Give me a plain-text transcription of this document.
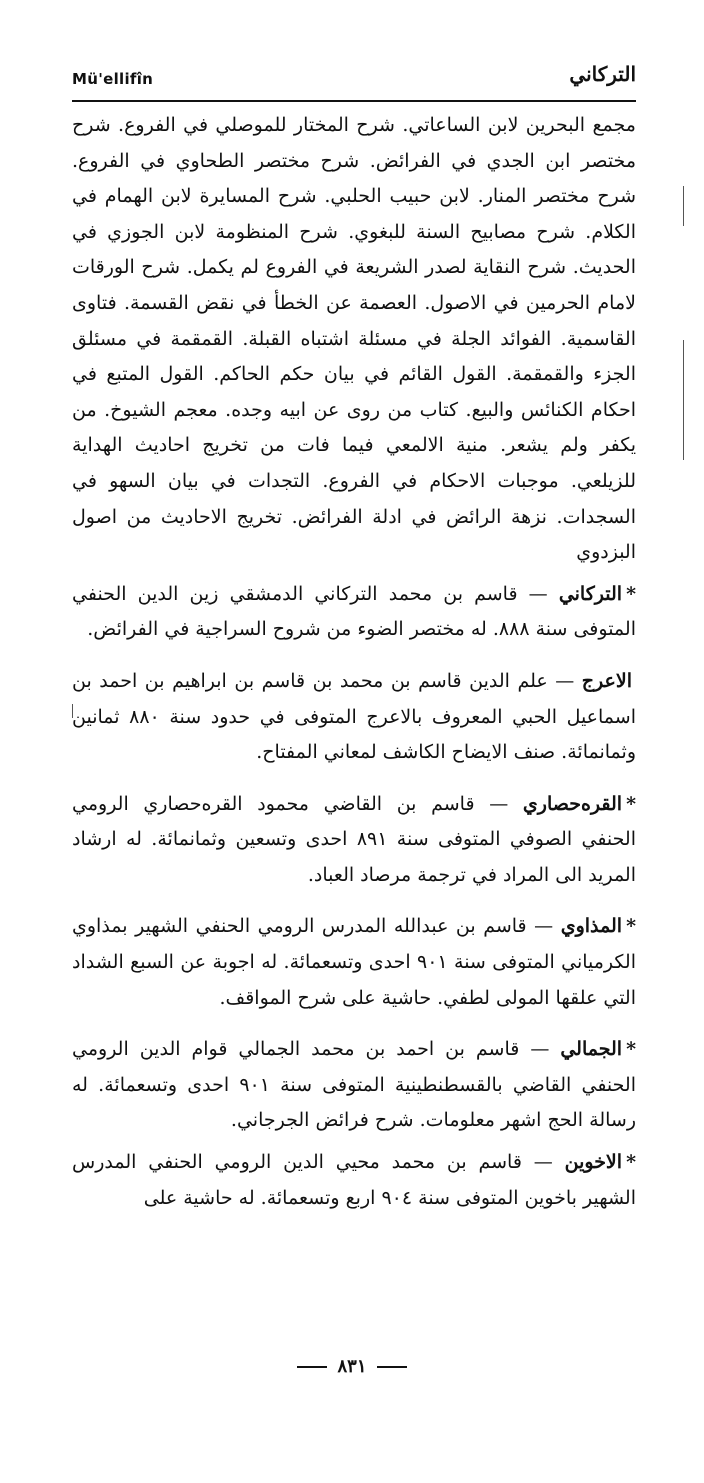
Mü'ellifîn	التركاني

مجمع البحرين لابن الساعاتي. شرح المختار للموصلي في الفروع. شرح مختصر ابن الجدي في الفرائض. شرح مختصر الطحاوي في الفروع. شرح مختصر المنار. لابن حبيب الحلبي. شرح المسايرة لابن الهمام في الكلام. شرح مصابيح السنة للبغوي. شرح المنظومة لابن الجوزي في الحديث. شرح النقاية لصدر الشريعة في الفروع لم يكمل. شرح الورقات لامام الحرمين في الاصول. العصمة عن الخطأ في نقض القسمة. فتاوى القاسمية. الفوائد الجلة في مسئلة اشتباه القبلة. القمقمة في مسئلق الجزء والقمقمة. القول القائم في بيان حكم الحاكم. القول المتبع في احكام الكنائس والبيع. كتاب من روى عن ابيه وجده. معجم الشيوخ. من يكفر ولم يشعر. منية الالمعي فيما فات من تخريج احاديث الهداية للزيلعي. موجبات الاحكام في الفروع. التجدات في بيان السهو في السجدات. نزهة الرائض في ادلة الفرائض. تخريج الاحاديث من اصول البزدوي

*التركاني — قاسم بن محمد التركاني الدمشقي زين الدين الحنفي المتوفى سنة ٨٨٨. له مختصر الضوء من شروح السراجية في الفرائض.

الاعرج — علم الدين قاسم بن محمد بن قاسم بن ابراهيم بن احمد بن اسماعيل الحبي المعروف بالاعرج المتوفى في حدود سنة ٨٨٠ ثمانين وثمانمائة. صنف الايضاح الكاشف لمعاني المفتاح.

*القرەحصاري — قاسم بن القاضي محمود القرەحصاري الرومي الحنفي الصوفي المتوفى سنة ٨٩١ احدى وتسعين وثمانمائة. له ارشاد المريد الى المراد في ترجمة مرصاد العباد.

*المذاوي — قاسم بن عبدالله المدرس الرومي الحنفي الشهير بمذاوي الكرمياني المتوفى سنة ٩٠١ احدى وتسعمائة. له اجوبة عن السبع الشداد التي علقها المولى لطفي. حاشية على شرح المواقف.

*الجمالي — قاسم بن احمد بن محمد الجمالي قوام الدين الرومي الحنفي القاضي بالقسطنطينية المتوفى سنة ٩٠١ احدى وتسعمائة. له رسالة الحج اشهر معلومات. شرح فرائض الجرجاني.

*الاخوين — قاسم بن محمد محيي الدين الرومي الحنفي المدرس الشهير باخوين المتوفى سنة ٩٠٤ اربع وتسعمائة. له حاشية على

٨٣١
